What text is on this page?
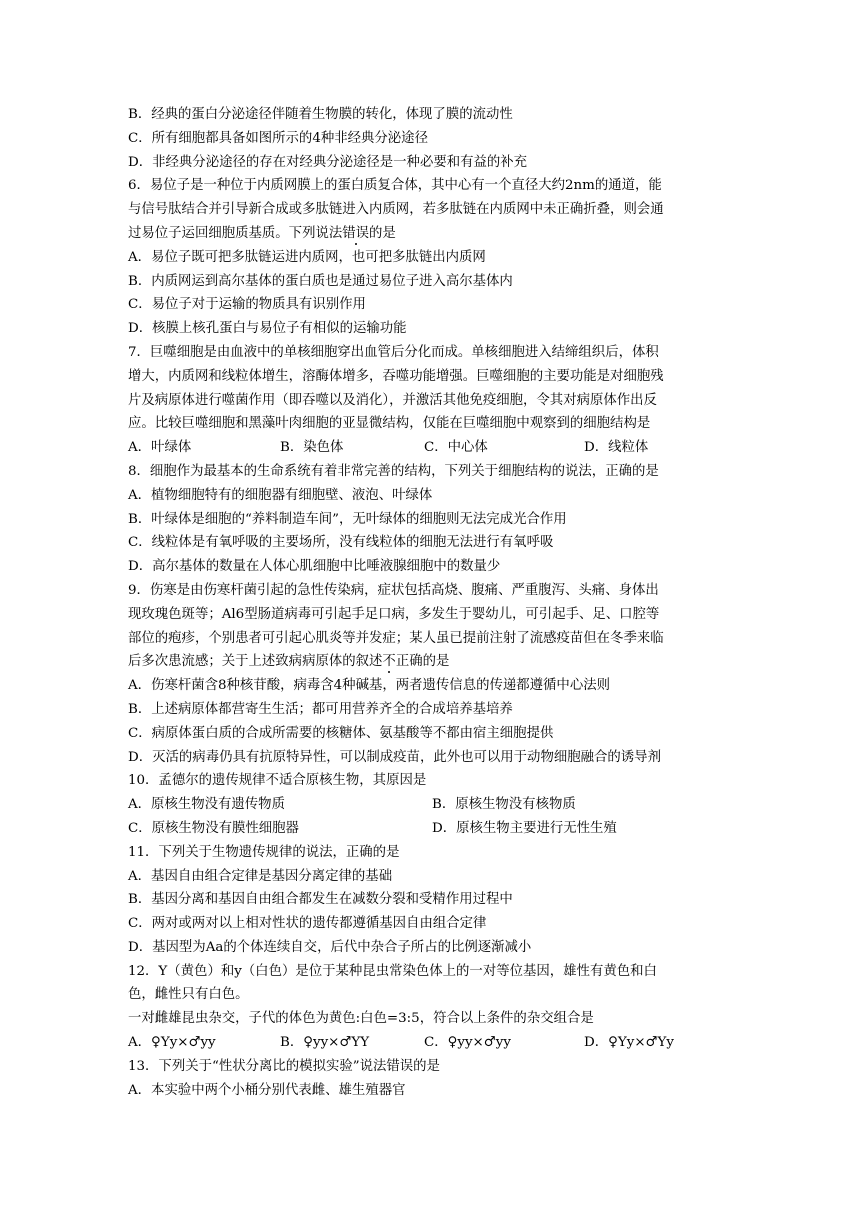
B．经典的蛋白分泌途径伴随着生物膜的转化，体现了膜的流动性
C．所有细胞都具备如图所示的4种非经典分泌途径
D．非经典分泌途径的存在对经典分泌途径是一种必要和有益的补充
6．易位子是一种位于内质网膜上的蛋白质复合体，其中心有一个直径大约2nm的通道，能
与信号肽结合并引导新合成或多肽链进入内质网，若多肽链在内质网中未正确折叠，则会通
过易位子运回细胞质基质。下列说法错误的是
A．易位子既可把多肽链运进内质网，也可把多肽链出内质网
B．内质网运到高尔基体的蛋白质也是通过易位子进入高尔基体内
C．易位子对于运输的物质具有识别作用
D．核膜上核孔蛋白与易位子有相似的运输功能
7．巨噬细胞是由血液中的单核细胞穿出血管后分化而成。单核细胞进入结缔组织后，体积
增大，内质网和线粒体增生，溶酶体增多，吞噬功能增强。巨噬细胞的主要功能是对细胞残
片及病原体进行噬菌作用（即吞噬以及消化），并激活其他免疫细胞，令其对病原体作出反
应。比较巨噬细胞和黑藻叶肉细胞的亚显微结构，仅能在巨噬细胞中观察到的细胞结构是
A．叶绿体	B．染色体	C．中心体	D．线粒体
8．细胞作为最基本的生命系统有着非常完善的结构，下列关于细胞结构的说法，正确的是
A．植物细胞特有的细胞器有细胞壁、液泡、叶绿体
B．叶绿体是细胞的“养料制造车间”，无叶绿体的细胞则无法完成光合作用
C．线粒体是有氧呼吸的主要场所，没有线粒体的细胞无法进行有氧呼吸
D．高尔基体的数量在人体心肌细胞中比唾液腺细胞中的数量少
9．伤寒是由伤寒杆菌引起的急性传染病，症状包括高烧、腹痛、严重腹泻、头痛、身体出
现玫瑰色斑等；Al6型肠道病毒可引起手足口病，多发生于婴幼儿，可引起手、足、口腔等
部位的疱疹，个别患者可引起心肌炎等并发症；某人虽已提前注射了流感疫苗但在冬季来临
后多次患流感；关于上述致病病原体的叙述不正确的是
A．伤寒杆菌含8种核苷酸，病毒含4种碱基，两者遗传信息的传递都遵循中心法则
B．上述病原体都营寄生生活；都可用营养齐全的合成培养基培养
C．病原体蛋白质的合成所需要的核糖体、氨基酸等不都由宿主细胞提供
D．灭活的病毒仍具有抗原特异性，可以制成疫苗，此外也可以用于动物细胞融合的诱导剂
10．孟德尔的遗传规律不适合原核生物，其原因是
A．原核生物没有遗传物质	B．原核生物没有核物质
C．原核生物没有膜性细胞器	D．原核生物主要进行无性生殖
11．下列关于生物遗传规律的说法，正确的是
A．基因自由组合定律是基因分离定律的基础
B．基因分离和基因自由组合都发生在减数分裂和受精作用过程中
C．两对或两对以上相对性状的遗传都遵循基因自由组合定律
D．基因型为Aa的个体连续自交，后代中杂合子所占的比例逐渐减小
12．Y（黄色）和y（白色）是位于某种昆虫常染色体上的一对等位基因，雄性有黄色和白
色，雌性只有白色。
一对雌雄昆虫杂交，子代的体色为黄色:白色=3:5，符合以上条件的杂交组合是
A．♀Yy×♂yy	B．♀yy×♂YY	C．♀yy×♂yy	D．♀Yy×♂Yy
13．下列关于“性状分离比的模拟实验”说法错误的是
A．本实验中两个小桶分别代表雌、雄生殖器官
